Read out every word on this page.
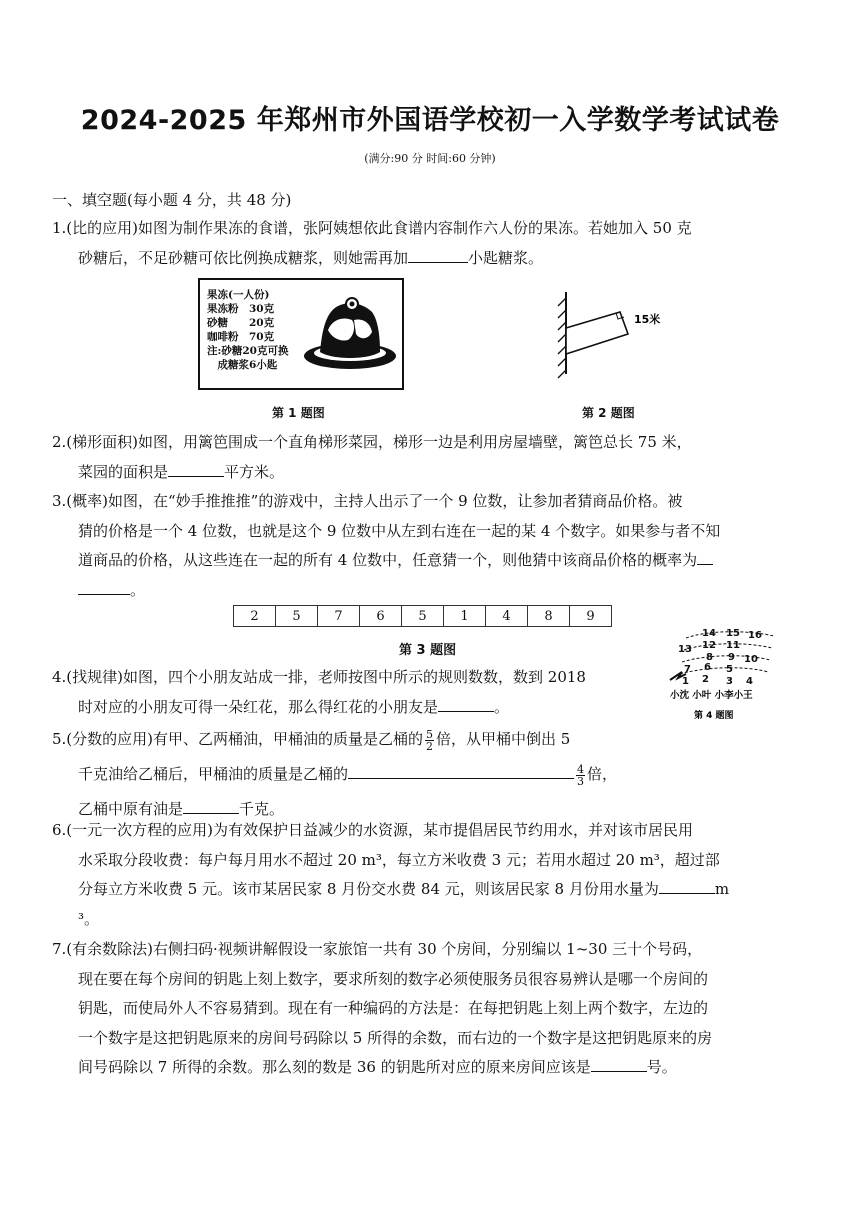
2024-2025 年郑州市外国语学校初一入学数学考试试卷
(满分:90 分 时间:60 分钟)
一、填空题(每小题 4 分，共 48 分)
1.(比的应用)如图为制作果冻的食谱，张阿姨想依此食谱内容制作六人份的果冻。若她加入 50 克
砂糖后，不足砂糖可依比例换成糖浆，则她需再加	小匙糖浆。
果冻(一人份)
果冻粉　30克
砂糖　　20克
咖啡粉　70克
注:砂糖20克可换
　成糖浆6小匙
第 1 题图
15米
第 2 题图
2.(梯形面积)如图，用篱笆围成一个直角梯形菜园，梯形一边是利用房屋墙壁，篱笆总长 75 米，
菜园的面积是	平方米。
3.(概率)如图，在“妙手推推推”的游戏中，主持人出示了一个 9 位数，让参加者猜商品价格。被
猜的价格是一个 4 位数，也就是这个 9 位数中从左到右连在一起的某 4 个数字。如果参与者不知
道商品的价格，从这些连在一起的所有 4 位数中，任意猜一个，则他猜中该商品价格的概率为
。
2	5	7	6	5	1	4	8	9
第 3 题图
14 15 16
13 12 11
8 9 10
7 6 5
1 2 3 4
小沈 小叶 小李小王
第 4 题图
4.(找规律)如图，四个小朋友站成一排，老师按图中所示的规则数数，数到 2018
时对应的小朋友可得一朵红花，那么得红花的小朋友是	。
5.(分数的应用)有甲、乙两桶油，甲桶油的质量是乙桶的 $\frac{5}{2}$ 倍，从甲桶中倒出 5
千克油给乙桶后，甲桶油的质量是乙桶的	$\frac{4}{3}$ 倍，
乙桶中原有油是	千克。
6.(一元一次方程的应用)为有效保护日益减少的水资源，某市提倡居民节约用水，并对该市居民用
水采取分段收费：每户每月用水不超过 20 m³，每立方米收费 3 元；若用水超过 20 m³，超过部
分每立方米收费 5 元。该市某居民家 8 月份交水费 84 元，则该居民家 8 月份用水量为	m
³。
7.(有余数除法)右侧扫码·视频讲解假设一家旅馆一共有 30 个房间，分别编以 1~30 三十个号码，
现在要在每个房间的钥匙上刻上数字，要求所刻的数字必须使服务员很容易辨认是哪一个房间的
钥匙，而使局外人不容易猜到。现在有一种编码的方法是：在每把钥匙上刻上两个数字，左边的
一个数字是这把钥匙原来的房间号码除以 5 所得的余数，而右边的一个数字是这把钥匙原来的房
间号码除以 7 所得的余数。那么刻的数是 36 的钥匙所对应的原来房间应该是	号。
